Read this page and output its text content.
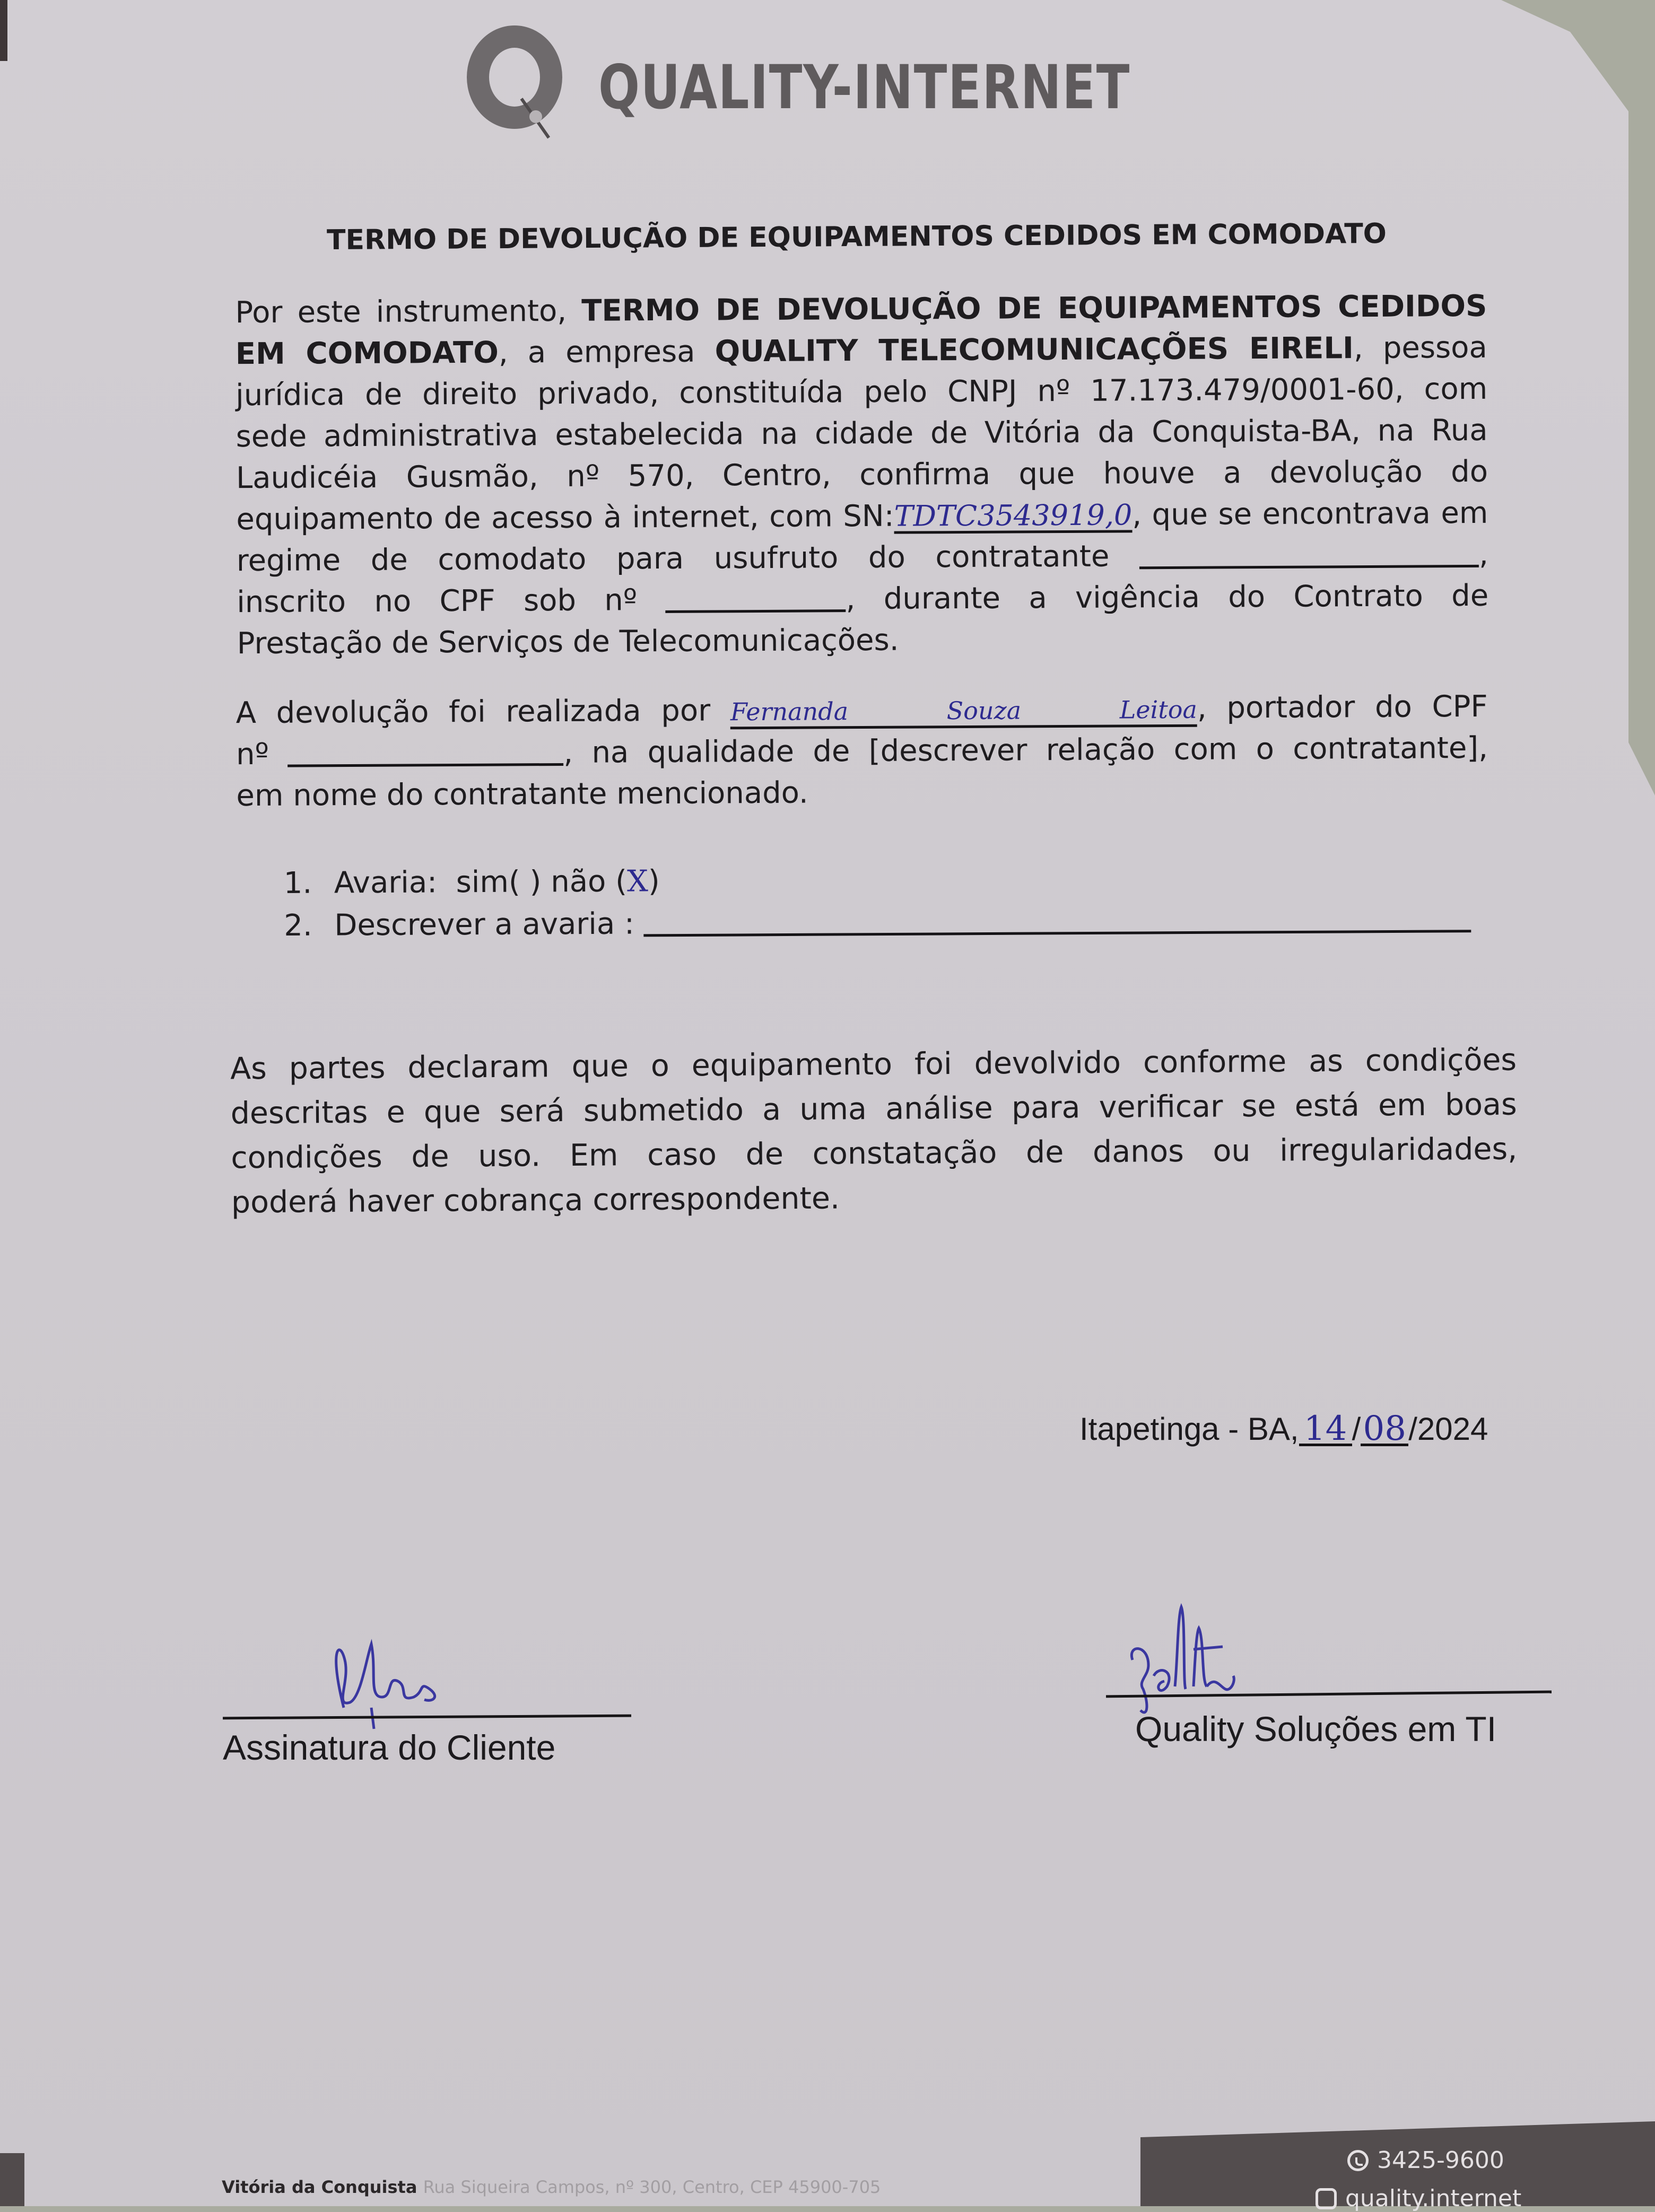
QUALITY-INTERNET
TERMO DE DEVOLUÇÃO DE EQUIPAMENTOS CEDIDOS EM COMODATO
Por este instrumento, TERMO DE DEVOLUÇÃO DE EQUIPAMENTOS CEDIDOS
EM COMODATO, a empresa QUALITY TELECOMUNICAÇÕES EIRELI, pessoa
jurídica de direito privado, constituída pelo CNPJ nº 17.173.479/0001-60, com
sede administrativa estabelecida na cidade de Vitória da Conquista-BA, na Rua
Laudicéia Gusmão, nº 570, Centro, confirma que houve a devolução do
equipamento de acesso à internet, com SN:TDTC3543919,0, que se encontrava em
regime de comodato para usufruto do contratante	,
inscrito no CPF sob nº	, durante a vigência do Contrato de
Prestação de Serviços de Telecomunicações.
A devolução foi realizada por Fernanda Souza Leitoa, portador do CPF
nº	, na qualidade de [descrever relação com o contratante],
em nome do contratante mencionado.
1. Avaria: sim( ) não (X)
2. Descrever a avaria :
As partes declaram que o equipamento foi devolvido conforme as condições
descritas e que será submetido a uma análise para verificar se está em boas
condições de uso. Em caso de constatação de danos ou irregularidades,
poderá haver cobrança correspondente.
Itapetinga - BA, 14 /08/2024
Assinatura do Cliente	Quality Soluções em TI
Vitória da Conquista Rua Siqueira Campos, nº 300, Centro, CEP 45900-705
3425-9600
quality.internet
